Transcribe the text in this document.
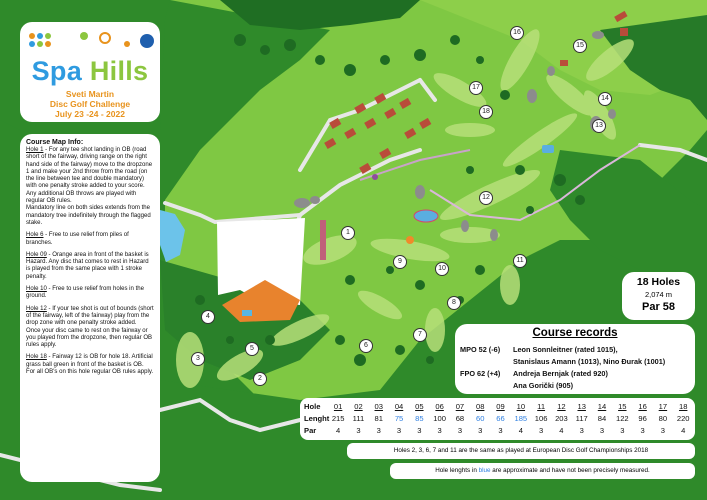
1
2
3
4
5	6
7
8
9
10
11
12
13
14
15
16
17
18
Spa Hills
Sveti Martin
Disc Golf Challenge
July 23 -24 - 2022
Course Map Info:
Hole 1 - For any tee shot landing in OB (road short of the fairway, driving range on the right hand side of the fairway) move to the dropzone 1 and make your 2nd throw from the road (on the line between tee and double mandatory) with one penalty stroke added to your score.
Any additional OB throws are played with regular OB rules.
Mandatory line on both sides extends from the mandatory tree indefinitely through the flagged stake.
Hole 6 - Free to use relief from piles of branches.
Hole 09 - Orange area in front of the basket is Hazard. Any disc that comes to rest in Hazard is played from the same place with 1 stroke penalty.
Hole 10 - Free to use relief from holes in the ground.
Hole 12 - If your tee shot is out of bounds (short of the fairway, left of the fairway) play from the drop zone with one penalty stroke added.
Once your disc came to rest on the fairway or you played from the dropzone, then regular OB rules apply.
Hole 18 - Fairway 12 is OB for hole 18. Artificial grass ball green in front of the basket is OB. For all OB's on this hole regular OB rules apply.
18 Holes
2,074 m
Par 58
Course records
MPO 52 (-6) Leon Sonnleitner (rated 1015),
Stanislaus Amann (1013), Nino Đurak (1001)
FPO 62 (+4) Andreja Bernjak (rated 920)
Ana Gorički (905)
Hole	01	02	03	04	05	06	07	08	09	10	11	12	13	14	15	16	17	18
Lenght 215	111	81	75	85	100	68	60	66	185	106	203	117	84	122	96	80	220
Par	4	3	3	3	3	3	3	3	3	4	3	4	3	3	3	3	3	4
Holes 2, 3, 6, 7 and 11 are the same as played at European Disc Golf Championships 2018
Hole lenghts in blue are approximate and have not been precisely measured.
